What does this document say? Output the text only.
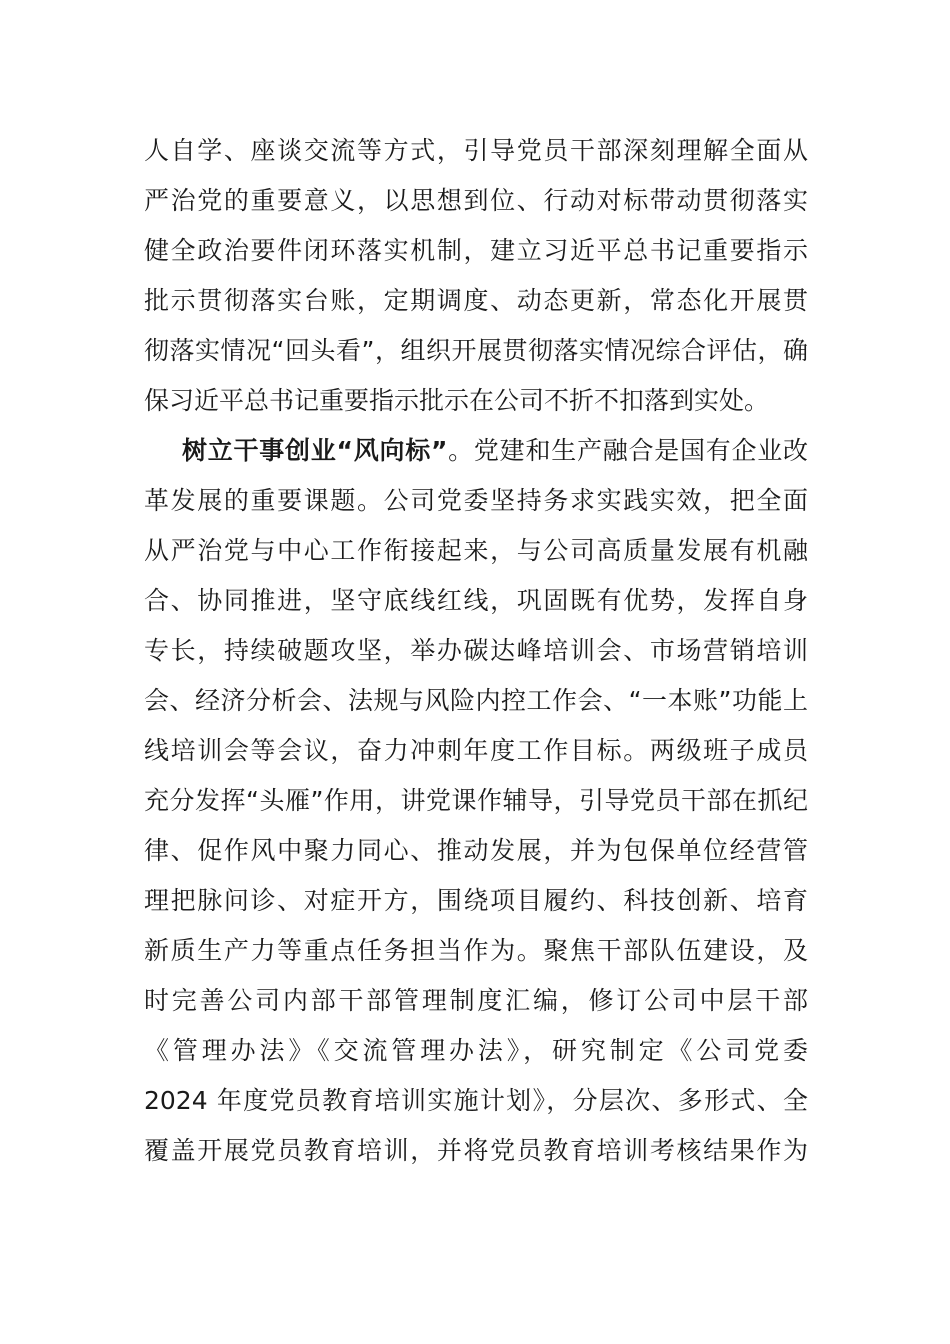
人自学、座谈交流等方式，引导党员干部深刻理解全面从
严治党的重要意义，以思想到位、行动对标带动贯彻落实
健全政治要件闭环落实机制，建立习近平总书记重要指示
批示贯彻落实台账，定期调度、动态更新，常态化开展贯
彻落实情况“回头看”，组织开展贯彻落实情况综合评估，确
保习近平总书记重要指示批示在公司不折不扣落到实处。
树立干事创业“风向标”。党建和生产融合是国有企业改
革发展的重要课题。公司党委坚持务求实践实效，把全面
从严治党与中心工作衔接起来，与公司高质量发展有机融
合、协同推进，坚守底线红线，巩固既有优势，发挥自身
专长，持续破题攻坚，举办碳达峰培训会、市场营销培训
会、经济分析会、法规与风险内控工作会、“一本账”功能上
线培训会等会议，奋力冲刺年度工作目标。两级班子成员
充分发挥“头雁”作用，讲党课作辅导，引导党员干部在抓纪
律、促作风中聚力同心、推动发展，并为包保单位经营管
理把脉问诊、对症开方，围绕项目履约、科技创新、培育
新质生产力等重点任务担当作为。聚焦干部队伍建设，及
时完善公司内部干部管理制度汇编，修订公司中层干部
《管理办法》《交流管理办法》，研究制定《公司党委
2024 年度党员教育培训实施计划》，分层次、多形式、全
覆盖开展党员教育培训，并将党员教育培训考核结果作为
